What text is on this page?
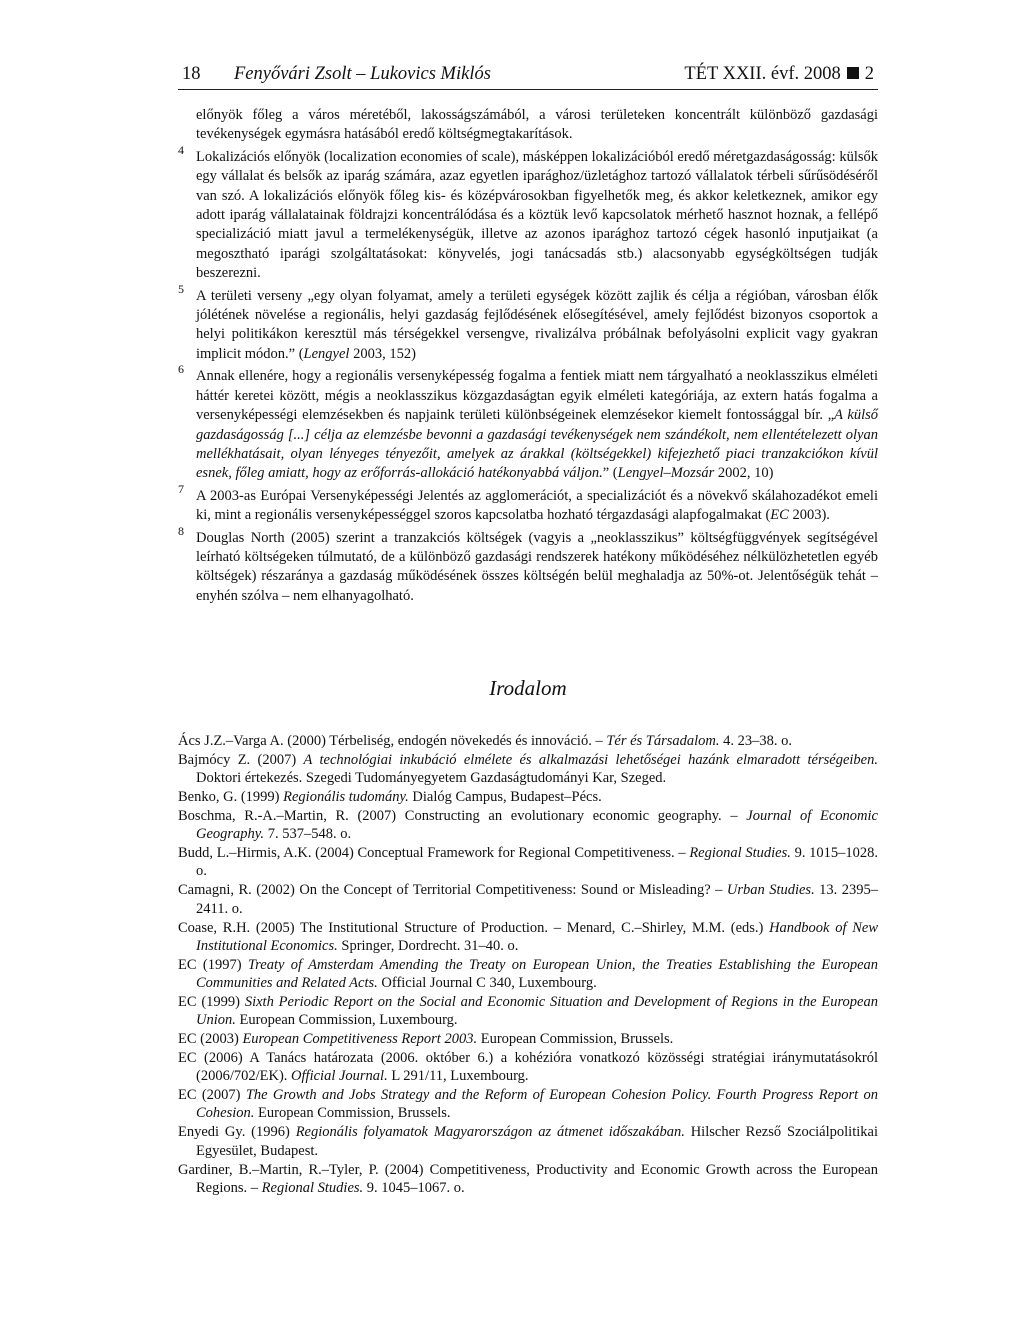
18 Fenyővári Zsolt – Lukovics Miklós	TÉT XXII. évf. 2008 2

előnyök főleg a város méretéből, lakosságszámából, a városi területeken koncentrált különböző gazdasági tevékenységek egymásra hatásából eredő költségmegtakarítások.

4 Lokalizációs előnyök (localization economies of scale), másképpen lokalizációból eredő méretgazdaságosság: külsők egy vállalat és belsők az iparág számára, azaz egyetlen iparághoz/üzletághoz tartozó vállalatok térbeli sűrűsödéséről van szó. A lokalizációs előnyök főleg kis- és középvárosokban figyelhetők meg, és akkor keletkeznek, amikor egy adott iparág vállalatainak földrajzi koncentrálódása és a köztük levő kapcsolatok mérhető hasznot hoznak, a fellépő specializáció miatt javul a termelékenységük, illetve az azonos iparághoz tartozó cégek hasonló inputjaikat (a megosztható iparági szolgáltatásokat: könyvelés, jogi tanácsadás stb.) alacsonyabb egységköltségen tudják beszerezni.

5 A területi verseny „egy olyan folyamat, amely a területi egységek között zajlik és célja a régióban, városban élők jólétének növelése a regionális, helyi gazdaság fejlődésének elősegítésével, amely fejlődést bizonyos csoportok a helyi politikákon keresztül más térségekkel versengve, rivalizálva próbálnak befolyásolni explicit vagy gyakran implicit módon.” (Lengyel 2003, 152)

6 Annak ellenére, hogy a regionális versenyképesség fogalma a fentiek miatt nem tárgyalható a neoklasszikus elméleti háttér keretei között, mégis a neoklasszikus közgazdaságtan egyik elméleti kategóriája, az extern hatás fogalma a versenyképességi elemzésekben és napjaink területi különbségeinek elemzésekor kiemelt fontossággal bír. „A külső gazdaságosság [...] célja az elemzésbe bevonni a gazdasági tevékenységek nem szándékolt, nem ellentételezett olyan mellékhatásait, olyan lényeges tényezőit, amelyek az árakkal (költségekkel) kifejezhető piaci tranzakciókon kívül esnek, főleg amiatt, hogy az erőforrás-allokáció hatékonyabbá váljon.” (Lengyel–Mozsár 2002, 10)

7 A 2003-as Európai Versenyképességi Jelentés az agglomerációt, a specializációt és a növekvő skálahozadékot emeli ki, mint a regionális versenyképességgel szoros kapcsolatba hozható térgazdasági alapfogalmakat (EC 2003).

8 Douglas North (2005) szerint a tranzakciós költségek (vagyis a „neoklasszikus” költségfüggvények segítségével leírható költségeken túlmutató, de a különböző gazdasági rendszerek hatékony működéséhez nélkülözhetetlen egyéb költségek) részaránya a gazdaság működésének összes költségén belül meghaladja az 50%-ot. Jelentőségük tehát – enyhén szólva – nem elhanyagolható.

Irodalom

Ács J.Z.–Varga A. (2000) Térbeliség, endogén növekedés és innováció. – Tér és Társadalom. 4. 23–38. o.

Bajmócy Z. (2007) A technológiai inkubáció elmélete és alkalmazási lehetőségei hazánk elmaradott térségeiben. Doktori értekezés. Szegedi Tudományegyetem Gazdaságtudományi Kar, Szeged.

Benko, G. (1999) Regionális tudomány. Dialóg Campus, Budapest–Pécs.

Boschma, R.-A.–Martin, R. (2007) Constructing an evolutionary economic geography. – Journal of Economic Geography. 7. 537–548. o.

Budd, L.–Hirmis, A.K. (2004) Conceptual Framework for Regional Competitiveness. – Regional Studies. 9. 1015–1028. o.

Camagni, R. (2002) On the Concept of Territorial Competitiveness: Sound or Misleading? – Urban Studies. 13. 2395–2411. o.

Coase, R.H. (2005) The Institutional Structure of Production. – Menard, C.–Shirley, M.M. (eds.) Handbook of New Institutional Economics. Springer, Dordrecht. 31–40. o.

EC (1997) Treaty of Amsterdam Amending the Treaty on European Union, the Treaties Establishing the European Communities and Related Acts. Official Journal C 340, Luxembourg.

EC (1999) Sixth Periodic Report on the Social and Economic Situation and Development of Regions in the European Union. European Commission, Luxembourg.

EC (2003) European Competitiveness Report 2003. European Commission, Brussels.

EC (2006) A Tanács határozata (2006. október 6.) a kohézióra vonatkozó közösségi stratégiai iránymutatásokról (2006/702/EK). Official Journal. L 291/11, Luxembourg.

EC (2007) The Growth and Jobs Strategy and the Reform of European Cohesion Policy. Fourth Progress Report on Cohesion. European Commission, Brussels.

Enyedi Gy. (1996) Regionális folyamatok Magyarországon az átmenet időszakában. Hilscher Rezső Szociálpolitikai Egyesület, Budapest.

Gardiner, B.–Martin, R.–Tyler, P. (2004) Competitiveness, Productivity and Economic Growth across the European Regions. – Regional Studies. 9. 1045–1067. o.
